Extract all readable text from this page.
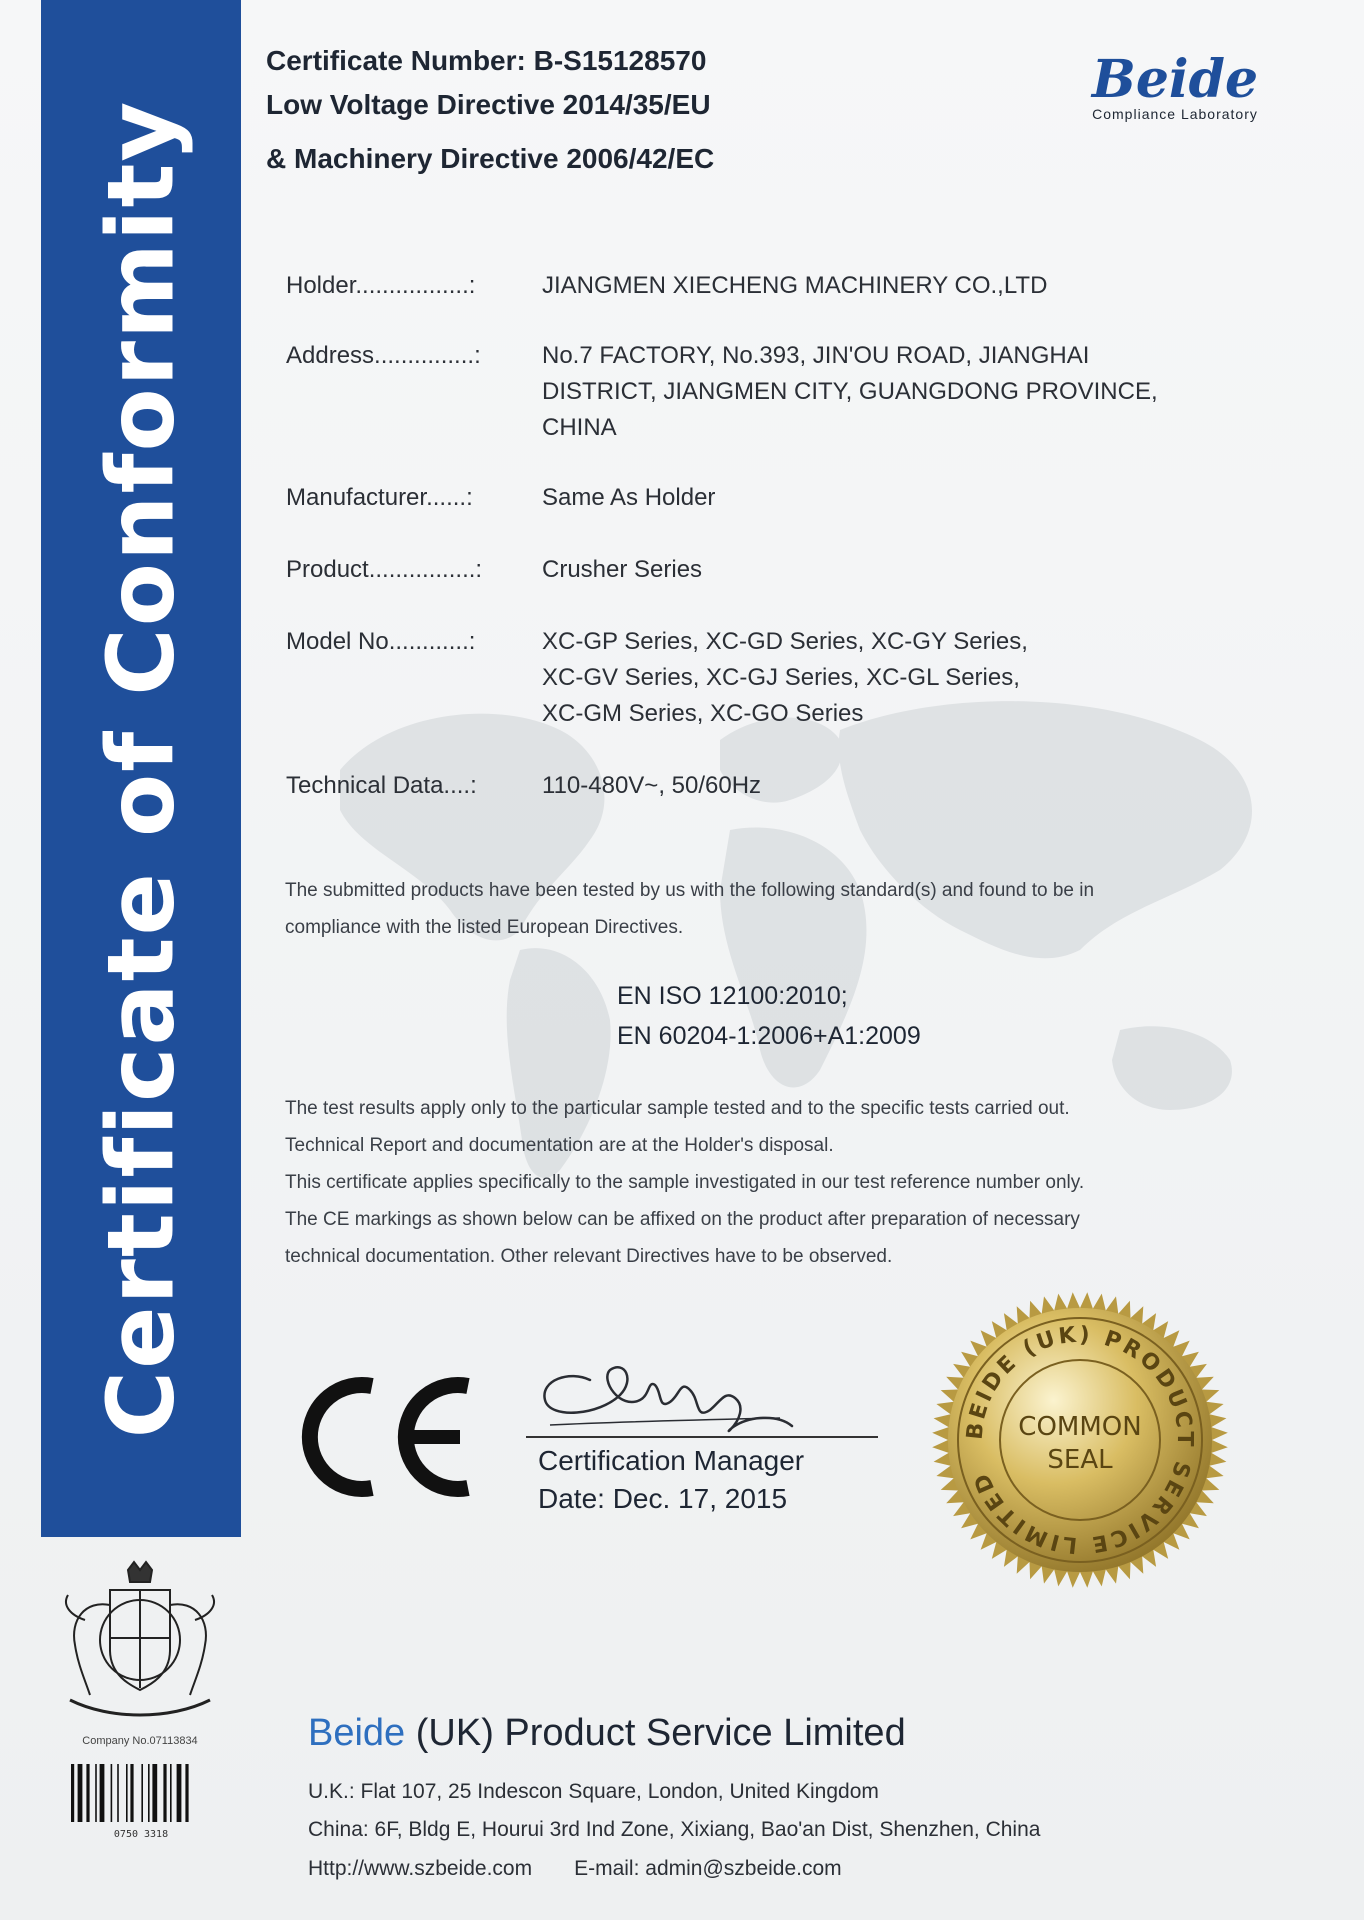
Certificate of Conformity
Certificate Number: B-S15128570
Low Voltage Directive 2014/35/EU
& Machinery Directive 2006/42/EC
Beide
Compliance Laboratory
Holder.................:	JIANGMEN XIECHENG MACHINERY CO.,LTD
Address...............:	No.7 FACTORY, No.393, JIN'OU ROAD, JIANGHAI
DISTRICT, JIANGMEN CITY, GUANGDONG PROVINCE,
CHINA
Manufacturer......:	Same As Holder
Product................:	Crusher Series
Model No............:	XC-GP Series, XC-GD Series, XC-GY Series,
XC-GV Series, XC-GJ Series, XC-GL Series,
XC-GM Series, XC-GO Series
Technical Data....:	110-480V~, 50/60Hz
The submitted products have been tested by us with the following standard(s) and found to be in
compliance with the listed European Directives.
EN ISO 12100:2010;
EN 60204-1:2006+A1:2009
The test results apply only to the particular sample tested and to the specific tests carried out.
Technical Report and documentation are at the Holder's disposal.
This certificate applies specifically to the sample investigated in our test reference number only.
The CE markings as shown below can be affixed on the product after preparation of necessary
technical documentation. Other relevant Directives have to be observed.
Certification Manager
Date: Dec. 17, 2015
BEIDE (UK) PRODUCT SERVICE LIMITED
COMMON
SEAL
Company No.07113834
0750 3318
Beide (UK) Product Service Limited
U.K.: Flat 107, 25 Indescon Square, London, United Kingdom
China: 6F, Bldg E, Hourui 3rd Ind Zone, Xixiang, Bao'an Dist, Shenzhen, China
Http://www.szbeide.com E-mail: admin@szbeide.com
